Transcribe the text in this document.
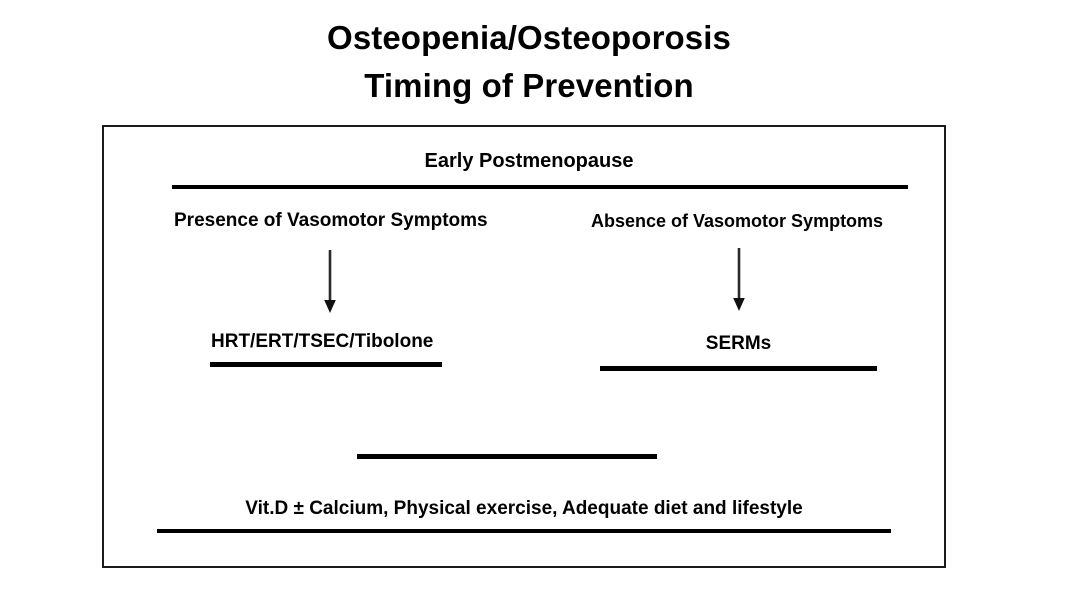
Osteopenia/Osteoporosis
Timing of Prevention
Early Postmenopause
Presence of Vasomotor Symptoms	Absence of Vasomotor Symptoms
HRT/ERT/TSEC/Tibolone	SERMs
Vit.D ± Calcium, Physical exercise, Adequate diet and lifestyle
